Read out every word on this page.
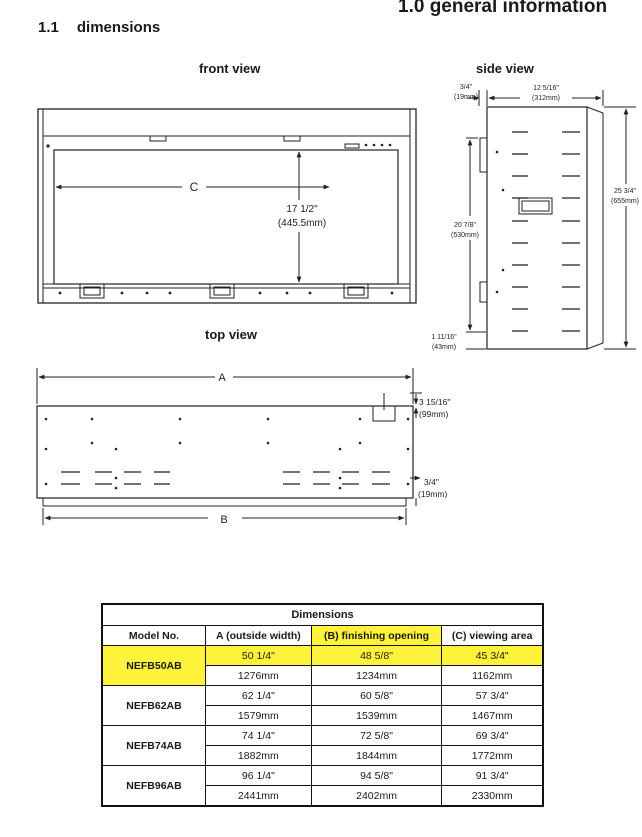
1.0 general information
1.1 dimensions
front view	side view
top view
C
17 1/2"
(445.5mm)
3/4"
(19mm)
12 5/16"
(312mm)
20 7/8"
(530mm)
25 3/4"
(655mm)
1 11/16"
(43mm)
A
B
3 15/16"
(99mm)
3/4"
(19mm)
Dimensions			
Model No.	A (outside width)	(B) finishing opening	(C) viewing area
NEFB50AB	50 1/4"	48 5/8"	45 3/4"
	1276mm	1234mm	1162mm
NEFB62AB	62 1/4"	60 5/8"	57 3/4"
	1579mm	1539mm	1467mm
NEFB74AB	74 1/4"	72 5/8"	69 3/4"
	1882mm	1844mm	1772mm
NEFB96AB	96 1/4"	94 5/8"	91 3/4"
	2441mm	2402mm	2330mm
